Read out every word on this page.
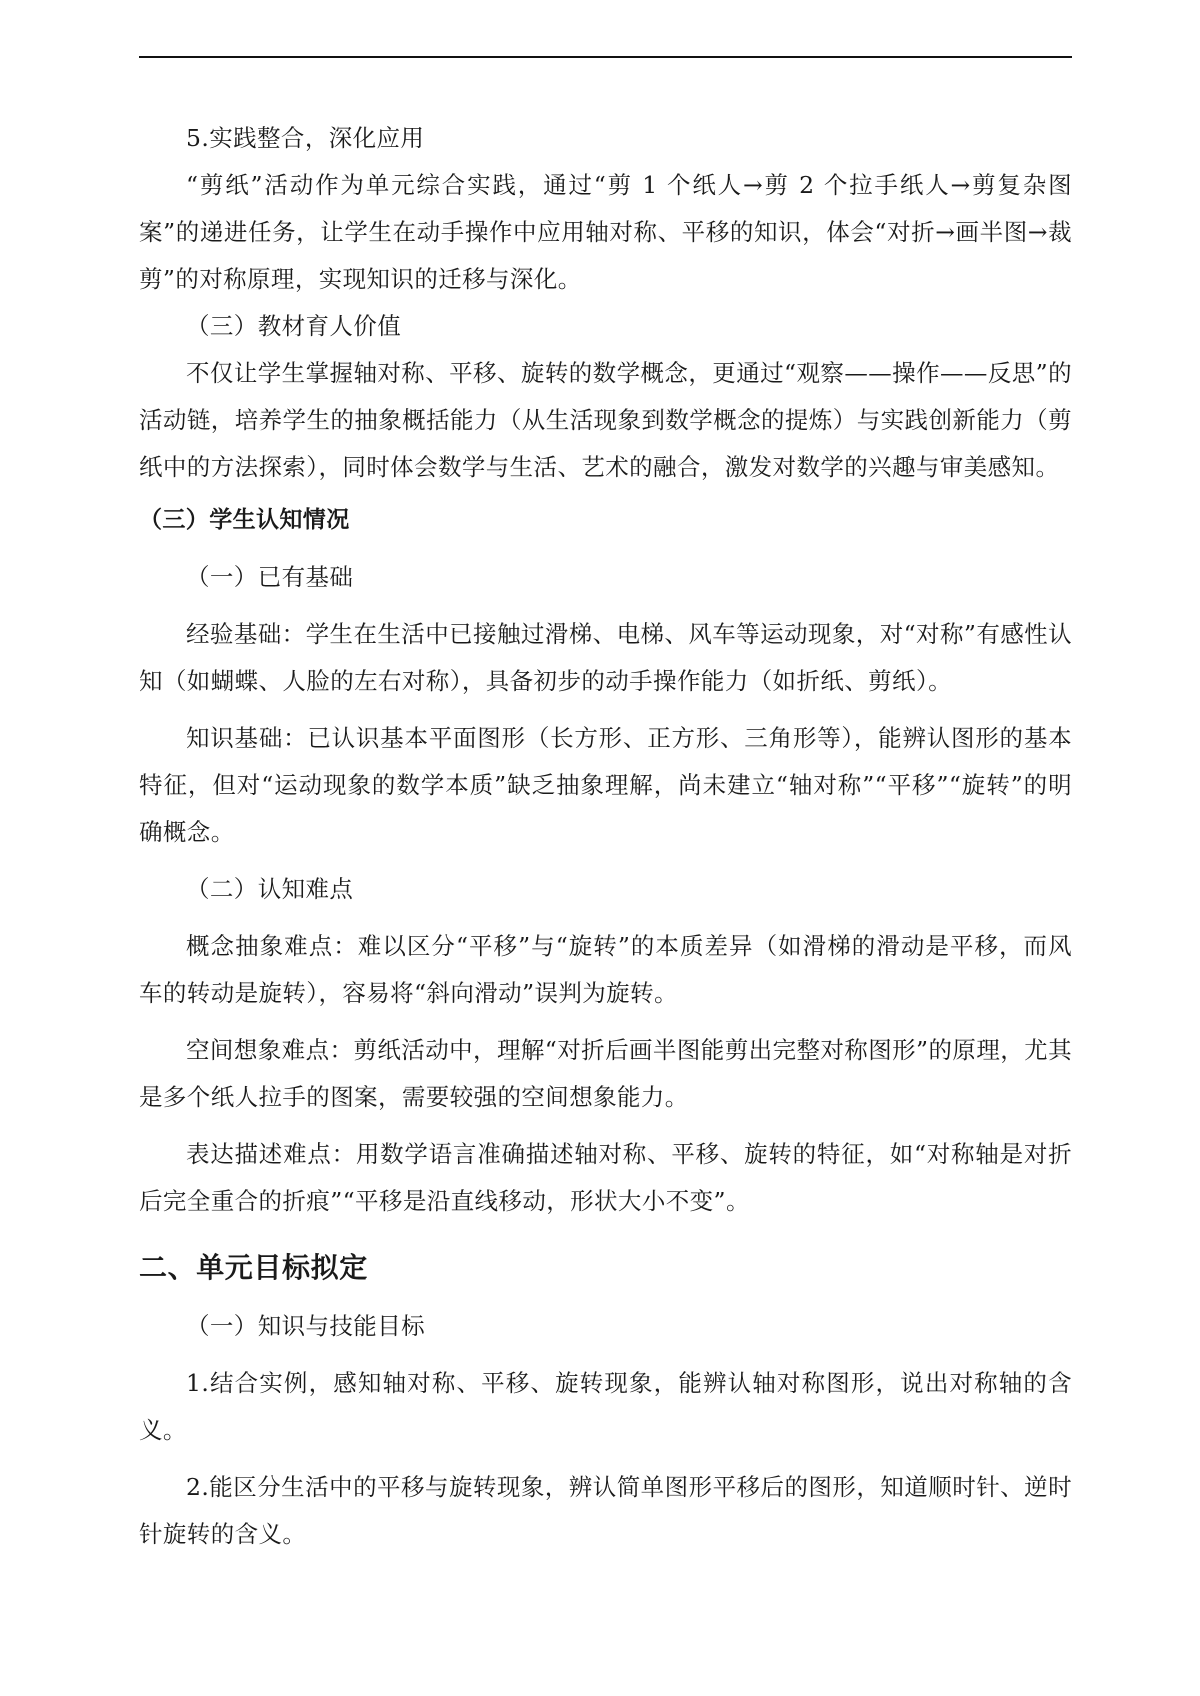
5.实践整合，深化应用

“剪纸”活动作为单元综合实践，通过“剪 1 个纸人→剪 2 个拉手纸人→剪复杂图案”的递进任务，让学生在动手操作中应用轴对称、平移的知识，体会“对折→画半图→裁剪”的对称原理，实现知识的迁移与深化。

（三）教材育人价值

不仅让学生掌握轴对称、平移、旋转的数学概念，更通过“观察——操作——反思”的活动链，培养学生的抽象概括能力（从生活现象到数学概念的提炼）与实践创新能力（剪纸中的方法探索），同时体会数学与生活、艺术的融合，激发对数学的兴趣与审美感知。

（三）学生认知情况

（一）已有基础

经验基础：学生在生活中已接触过滑梯、电梯、风车等运动现象，对“对称”有感性认知（如蝴蝶、人脸的左右对称），具备初步的动手操作能力（如折纸、剪纸）。

知识基础：已认识基本平面图形（长方形、正方形、三角形等），能辨认图形的基本特征，但对“运动现象的数学本质”缺乏抽象理解，尚未建立“轴对称”“平移”“旋转”的明确概念。

（二）认知难点

概念抽象难点：难以区分“平移”与“旋转”的本质差异（如滑梯的滑动是平移，而风车的转动是旋转），容易将“斜向滑动”误判为旋转。

空间想象难点：剪纸活动中，理解“对折后画半图能剪出完整对称图形”的原理，尤其是多个纸人拉手的图案，需要较强的空间想象能力。

表达描述难点：用数学语言准确描述轴对称、平移、旋转的特征，如“对称轴是对折后完全重合的折痕”“平移是沿直线移动，形状大小不变”。

二、单元目标拟定

（一）知识与技能目标

1.结合实例，感知轴对称、平移、旋转现象，能辨认轴对称图形，说出对称轴的含义。

2.能区分生活中的平移与旋转现象，辨认简单图形平移后的图形，知道顺时针、逆时针旋转的含义。
